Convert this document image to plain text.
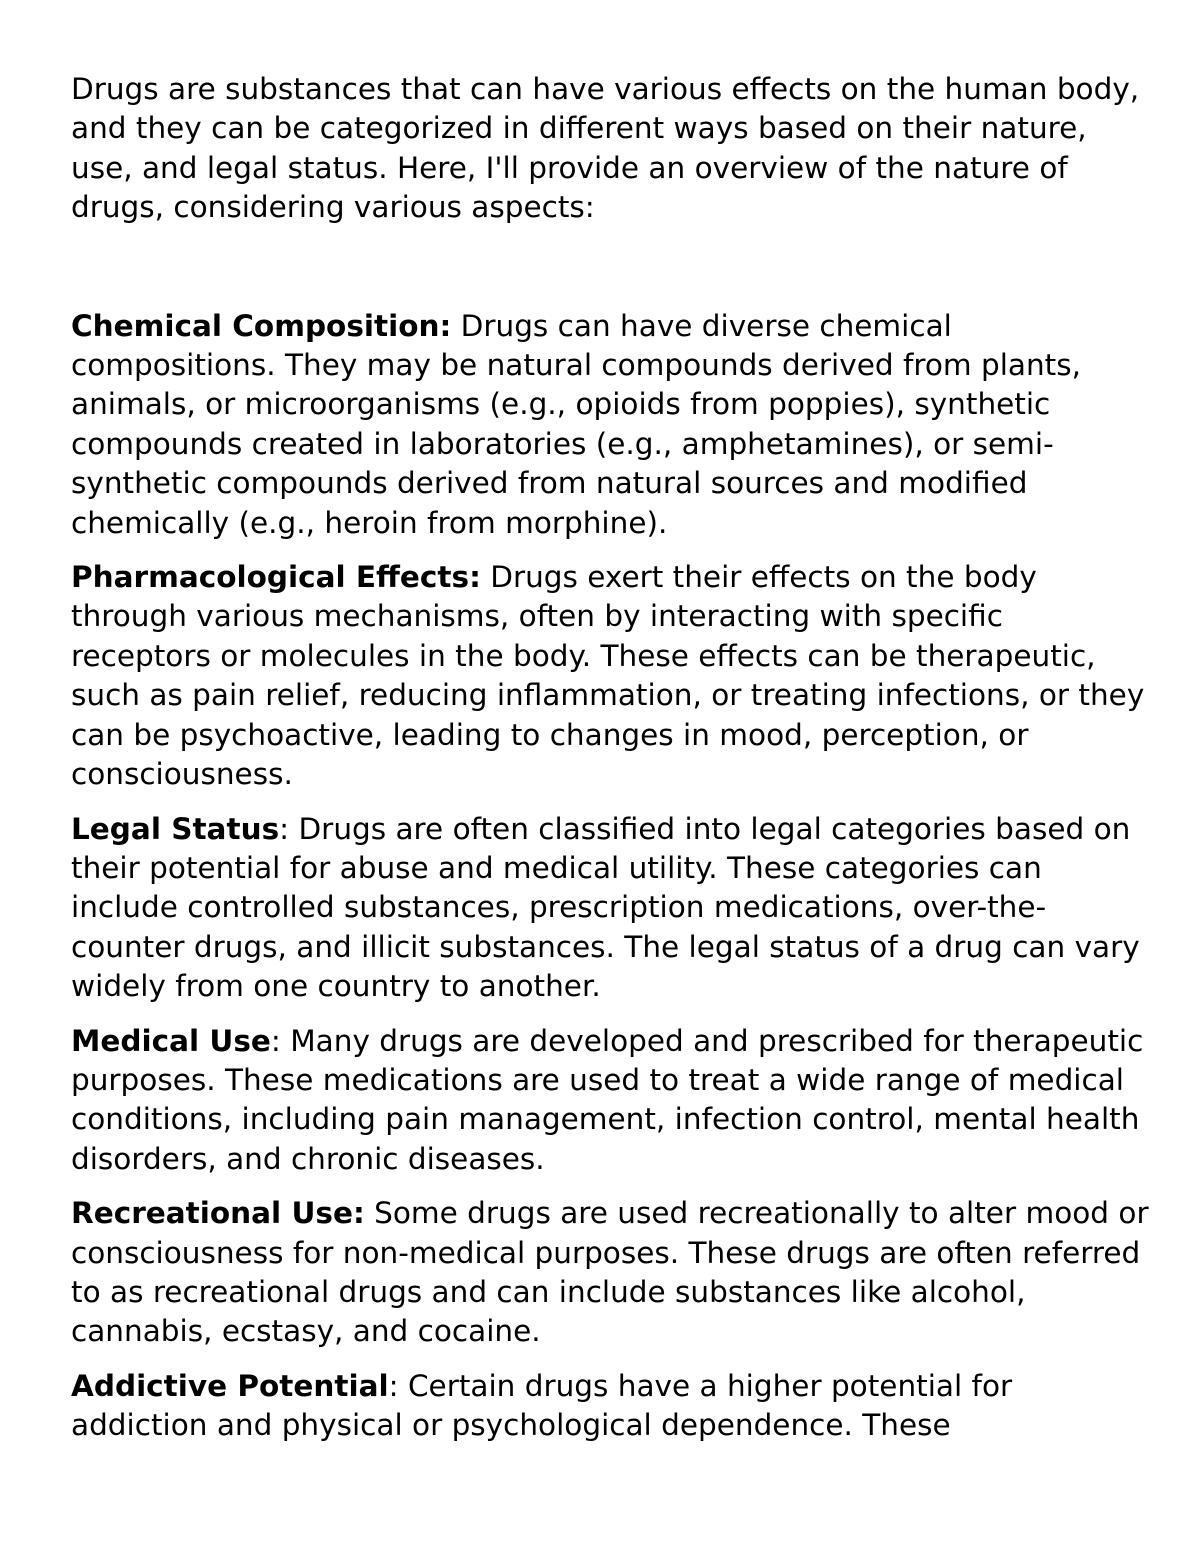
Drugs are substances that can have various effects on the human body, and they can be categorized in different ways based on their nature, use, and legal status. Here, I'll provide an overview of the nature of drugs, considering various aspects:

Chemical Composition: Drugs can have diverse chemical compositions. They may be natural compounds derived from plants, animals, or microorganisms (e.g., opioids from poppies), synthetic compounds created in laboratories (e.g., amphetamines), or semi-synthetic compounds derived from natural sources and modified chemically (e.g., heroin from morphine).

Pharmacological Effects: Drugs exert their effects on the body through various mechanisms, often by interacting with specific receptors or molecules in the body. These effects can be therapeutic, such as pain relief, reducing inflammation, or treating infections, or they can be psychoactive, leading to changes in mood, perception, or consciousness.

Legal Status: Drugs are often classified into legal categories based on their potential for abuse and medical utility. These categories can include controlled substances, prescription medications, over-the-counter drugs, and illicit substances. The legal status of a drug can vary widely from one country to another.

Medical Use: Many drugs are developed and prescribed for therapeutic purposes. These medications are used to treat a wide range of medical conditions, including pain management, infection control, mental health disorders, and chronic diseases.

Recreational Use: Some drugs are used recreationally to alter mood or consciousness for non-medical purposes. These drugs are often referred to as recreational drugs and can include substances like alcohol, cannabis, ecstasy, and cocaine.

Addictive Potential: Certain drugs have a higher potential for addiction and physical or psychological dependence. These
